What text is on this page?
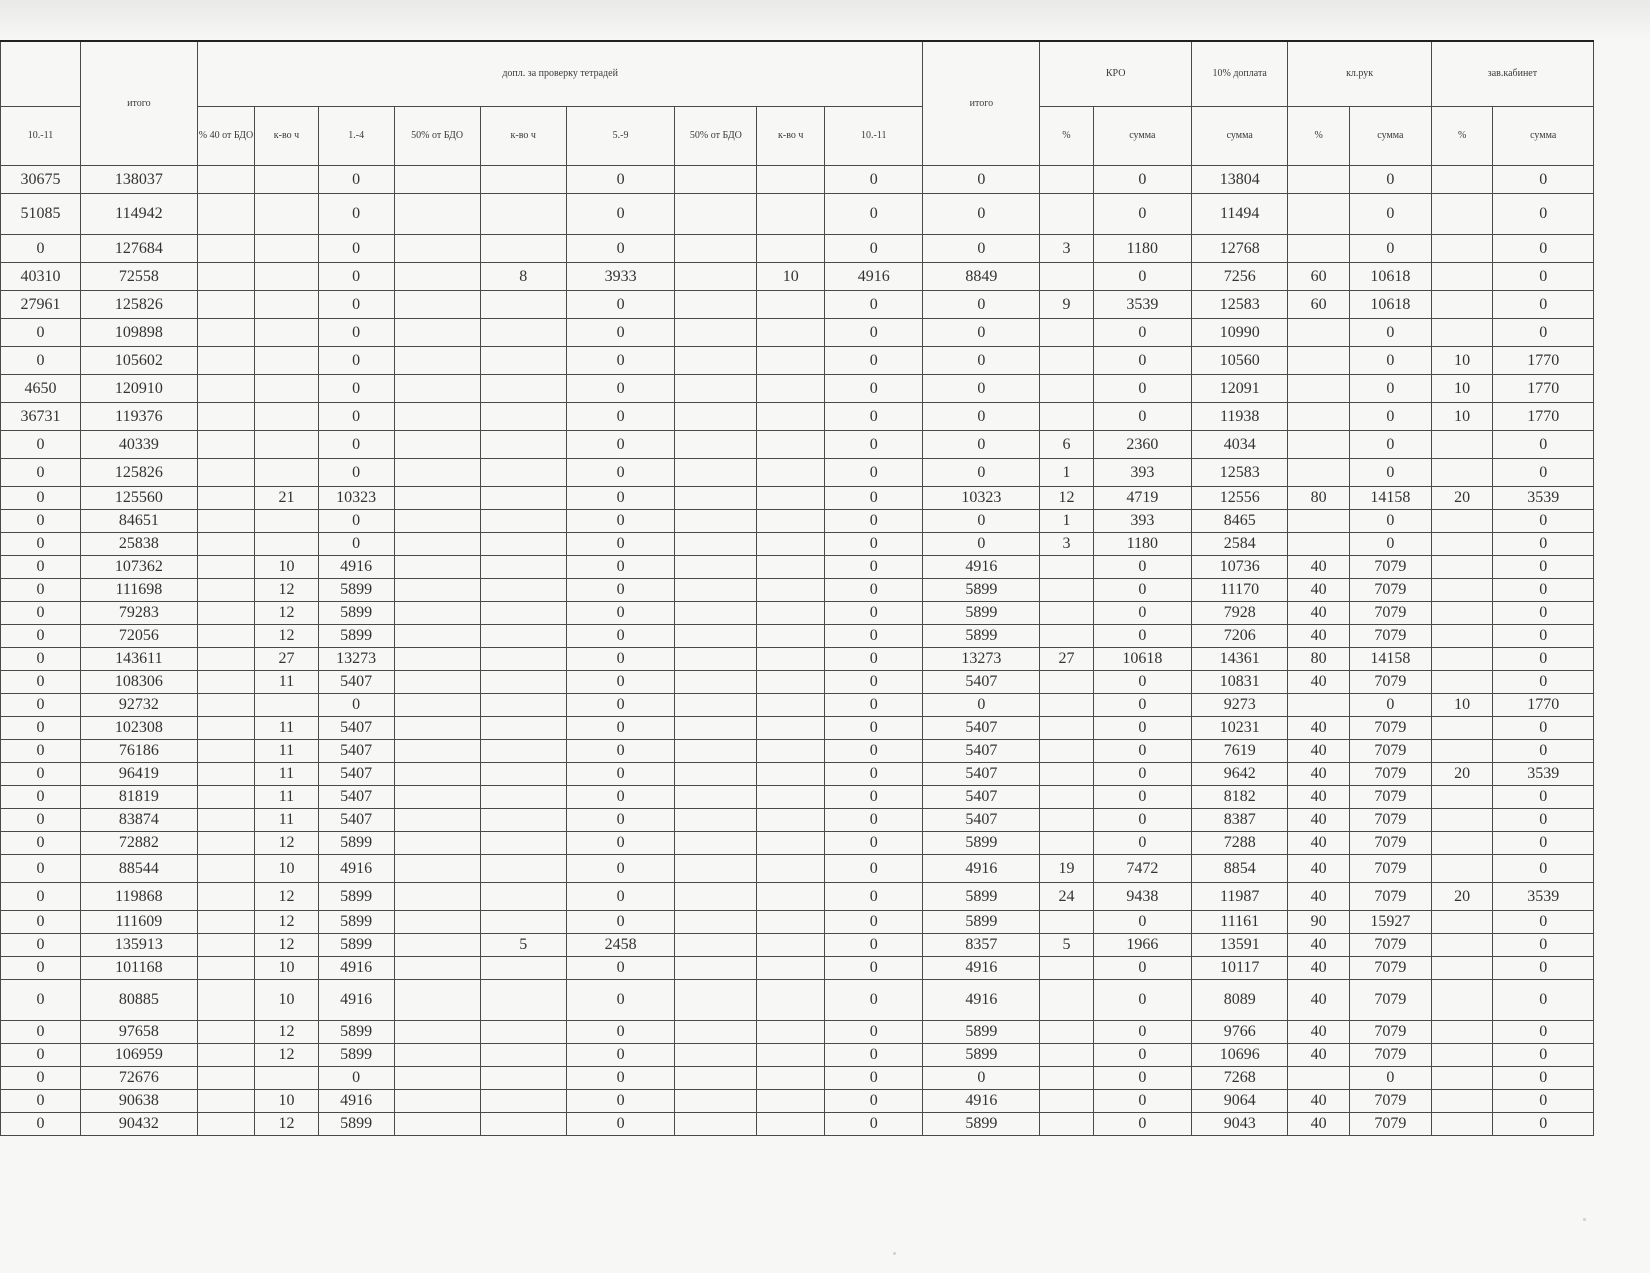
	итого	допл. за проверку тетрадей									итого	КРО		10% доплата	кл.рук		зав.кабинет	
10.-11		% 40 от БДО	к-во ч	1.-4	50% от БДО	к-во ч	5.-9	50% от БДО	к-во ч	10.-11		%	сумма	сумма	%	сумма	%	сумма
30675	138037			0			0			0	0		0	13804		0		0
51085	114942			0			0			0	0		0	11494		0		0
0	127684			0			0			0	0	3	1180	12768		0		0
40310	72558			0		8	3933		10	4916	8849		0	7256	60	10618		0
27961	125826			0			0			0	0	9	3539	12583	60	10618		0
0	109898			0			0			0	0		0	10990		0		0
0	105602			0			0			0	0		0	10560		0	10	1770
4650	120910			0			0			0	0		0	12091		0	10	1770
36731	119376			0			0			0	0		0	11938		0	10	1770
0	40339			0			0			0	0	6	2360	4034		0		0
0	125826			0			0			0	0	1	393	12583		0		0
0	125560		21	10323			0			0	10323	12	4719	12556	80	14158	20	3539
0	84651			0			0			0	0	1	393	8465		0		0
0	25838			0			0			0	0	3	1180	2584		0		0
0	107362		10	4916			0			0	4916		0	10736	40	7079		0
0	111698		12	5899			0			0	5899		0	11170	40	7079		0
0	79283		12	5899			0			0	5899		0	7928	40	7079		0
0	72056		12	5899			0			0	5899		0	7206	40	7079		0
0	143611		27	13273			0			0	13273	27	10618	14361	80	14158		0
0	108306		11	5407			0			0	5407		0	10831	40	7079		0
0	92732			0			0			0	0		0	9273		0	10	1770
0	102308		11	5407			0			0	5407		0	10231	40	7079		0
0	76186		11	5407			0			0	5407		0	7619	40	7079		0
0	96419		11	5407			0			0	5407		0	9642	40	7079	20	3539
0	81819		11	5407			0			0	5407		0	8182	40	7079		0
0	83874		11	5407			0			0	5407		0	8387	40	7079		0
0	72882		12	5899			0			0	5899		0	7288	40	7079		0
0	88544		10	4916			0			0	4916	19	7472	8854	40	7079		0
0	119868		12	5899			0			0	5899	24	9438	11987	40	7079	20	3539
0	111609		12	5899			0			0	5899		0	11161	90	15927		0
0	135913		12	5899		5	2458			0	8357	5	1966	13591	40	7079		0
0	101168		10	4916			0			0	4916		0	10117	40	7079		0
0	80885		10	4916			0			0	4916		0	8089	40	7079		0
0	97658		12	5899			0			0	5899		0	9766	40	7079		0
0	106959		12	5899			0			0	5899		0	10696	40	7079		0
0	72676			0			0			0	0		0	7268		0		0
0	90638		10	4916			0			0	4916		0	9064	40	7079		0
0	90432		12	5899			0			0	5899		0	9043	40	7079		0
